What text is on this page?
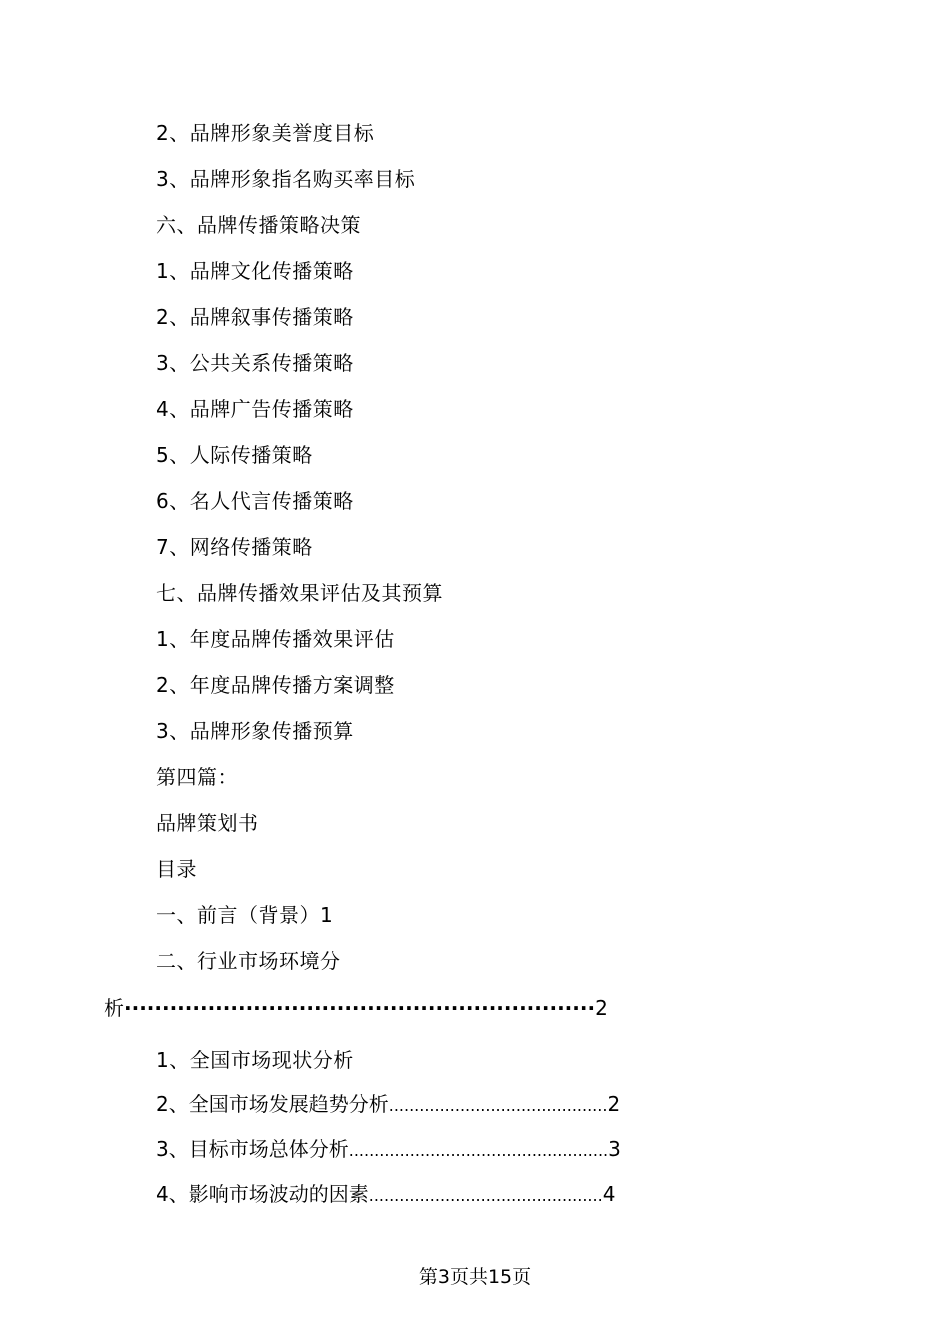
2、品牌形象美誉度目标
3、品牌形象指名购买率目标
六、品牌传播策略决策
1、品牌文化传播策略
2、品牌叙事传播策略
3、公共关系传播策略
4、品牌广告传播策略
5、人际传播策略
6、名人代言传播策略
7、网络传播策略
七、品牌传播效果评估及其预算
1、年度品牌传播效果评估
2、年度品牌传播方案调整
3、品牌形象传播预算
第四篇：
品牌策划书
目录
一、前言（背景）1
二、行业市场环境分
析 ······························································ 2
1、全国市场现状分析
2、全国市场发展趋势分析 ........................................... 2
3、目标市场总体分析 ................................................... 3
4、影响市场波动的因素 .............................................. 4
第3页共15页
